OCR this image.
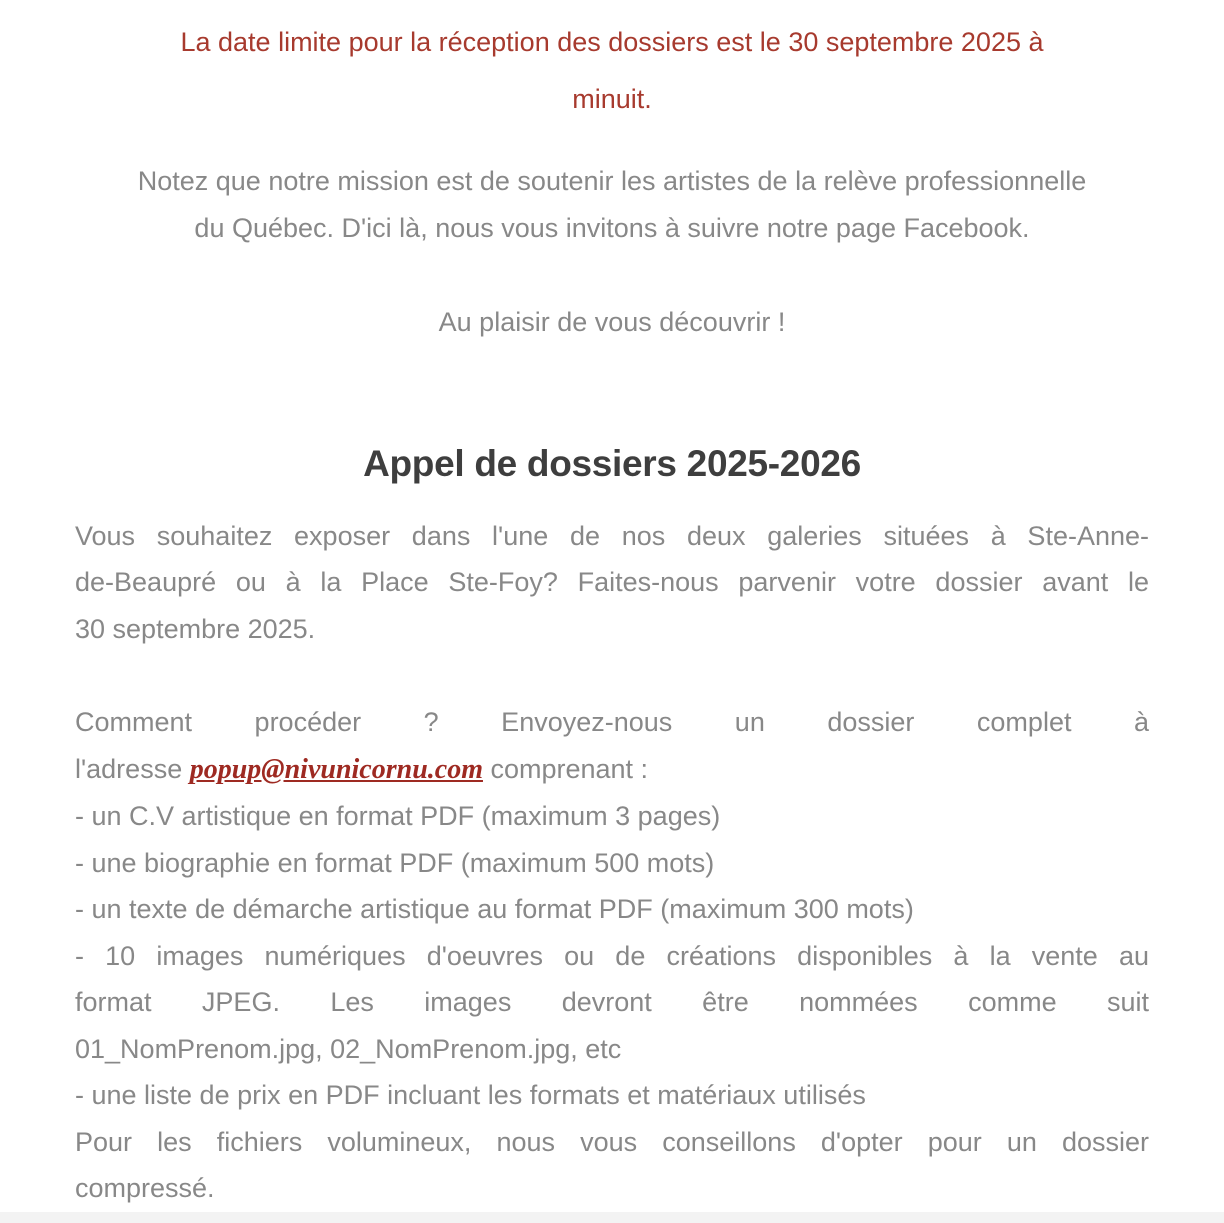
La date limite pour la réception des dossiers est le 30 septembre 2025 à
minuit.
Notez que notre mission est de soutenir les artistes de la relève professionnelle
du Québec. D'ici là, nous vous invitons à suivre notre page Facebook.
Au plaisir de vous découvrir !
Appel de dossiers 2025-2026
Vous souhaitez exposer dans l'une de nos deux galeries situées à Ste-Anne-
de-Beaupré ou à la Place Ste-Foy? Faites-nous parvenir votre dossier avant le
30 septembre 2025.
Comment procéder ? Envoyez-nous un dossier complet à
l'adresse popup@nivunicornu.com comprenant :
- un C.V artistique en format PDF (maximum 3 pages)
- une biographie en format PDF (maximum 500 mots)
- un texte de démarche artistique au format PDF (maximum 300 mots)
- 10 images numériques d'oeuvres ou de créations disponibles à la vente au
format JPEG. Les images devront être nommées comme suit
01_NomPrenom.jpg, 02_NomPrenom.jpg, etc
- une liste de prix en PDF incluant les formats et matériaux utilisés
Pour les fichiers volumineux, nous vous conseillons d'opter pour un dossier
compressé.
